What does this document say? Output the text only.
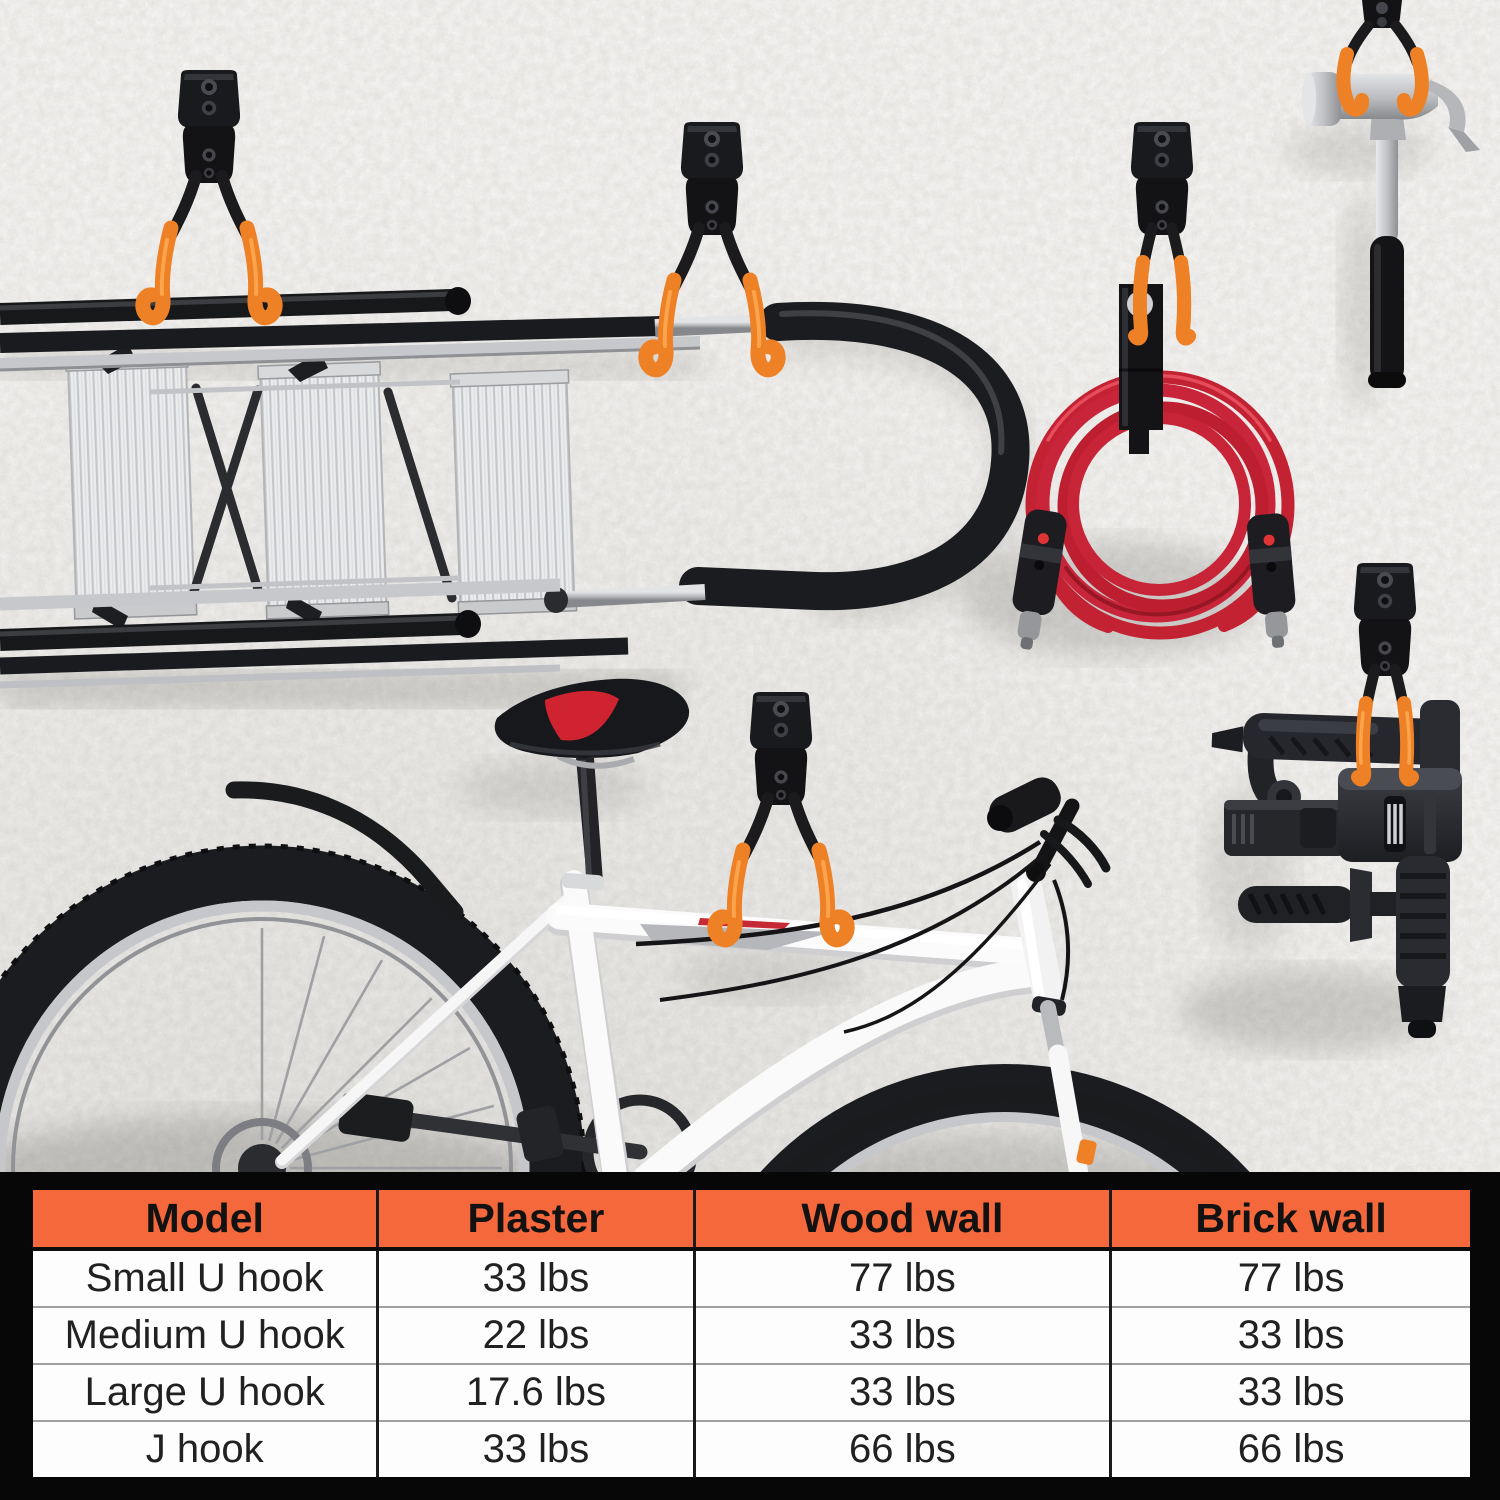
Model	Plaster	Wood wall	Brick wall
Small U hook	33 lbs	77 lbs	77 lbs
Medium U hook	22 lbs	33 lbs	33 lbs
Large U hook	17.6 lbs	33 lbs	33 lbs
J hook	33 lbs	66 lbs	66 lbs
